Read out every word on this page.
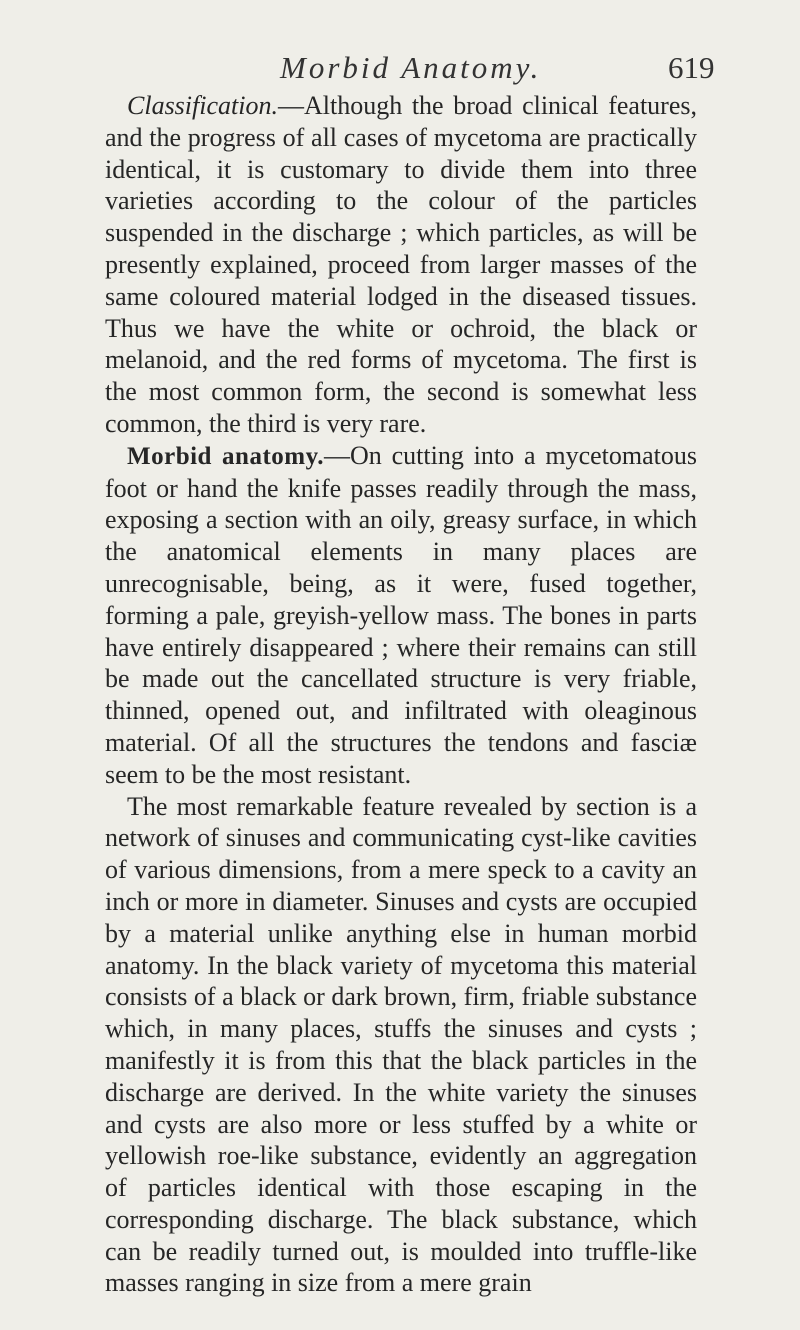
Morbid Anatomy.	619

Classification.—Although the broad clinical features, and the progress of all cases of mycetoma are practically identical, it is customary to divide them into three varieties according to the colour of the particles suspended in the discharge ; which particles, as will be presently explained, proceed from larger masses of the same coloured material lodged in the diseased tissues. Thus we have the white or ochroid, the black or melanoid, and the red forms of mycetoma. The first is the most common form, the second is somewhat less common, the third is very rare.

Morbid anatomy.—On cutting into a mycetomatous foot or hand the knife passes readily through the mass, exposing a section with an oily, greasy surface, in which the anatomical elements in many places are unrecognisable, being, as it were, fused together, forming a pale, greyish-yellow mass. The bones in parts have entirely disappeared ; where their remains can still be made out the cancellated structure is very friable, thinned, opened out, and infiltrated with oleaginous material. Of all the structures the tendons and fasciæ seem to be the most resistant.

The most remarkable feature revealed by section is a network of sinuses and communicating cyst-like cavities of various dimensions, from a mere speck to a cavity an inch or more in diameter. Sinuses and cysts are occupied by a material unlike anything else in human morbid anatomy. In the black variety of mycetoma this material consists of a black or dark brown, firm, friable substance which, in many places, stuffs the sinuses and cysts ; manifestly it is from this that the black particles in the discharge are derived. In the white variety the sinuses and cysts are also more or less stuffed by a white or yellowish roe-like substance, evidently an aggregation of particles identical with those escaping in the corresponding discharge. The black substance, which can be readily turned out, is moulded into truffle-like masses ranging in size from a mere grain
